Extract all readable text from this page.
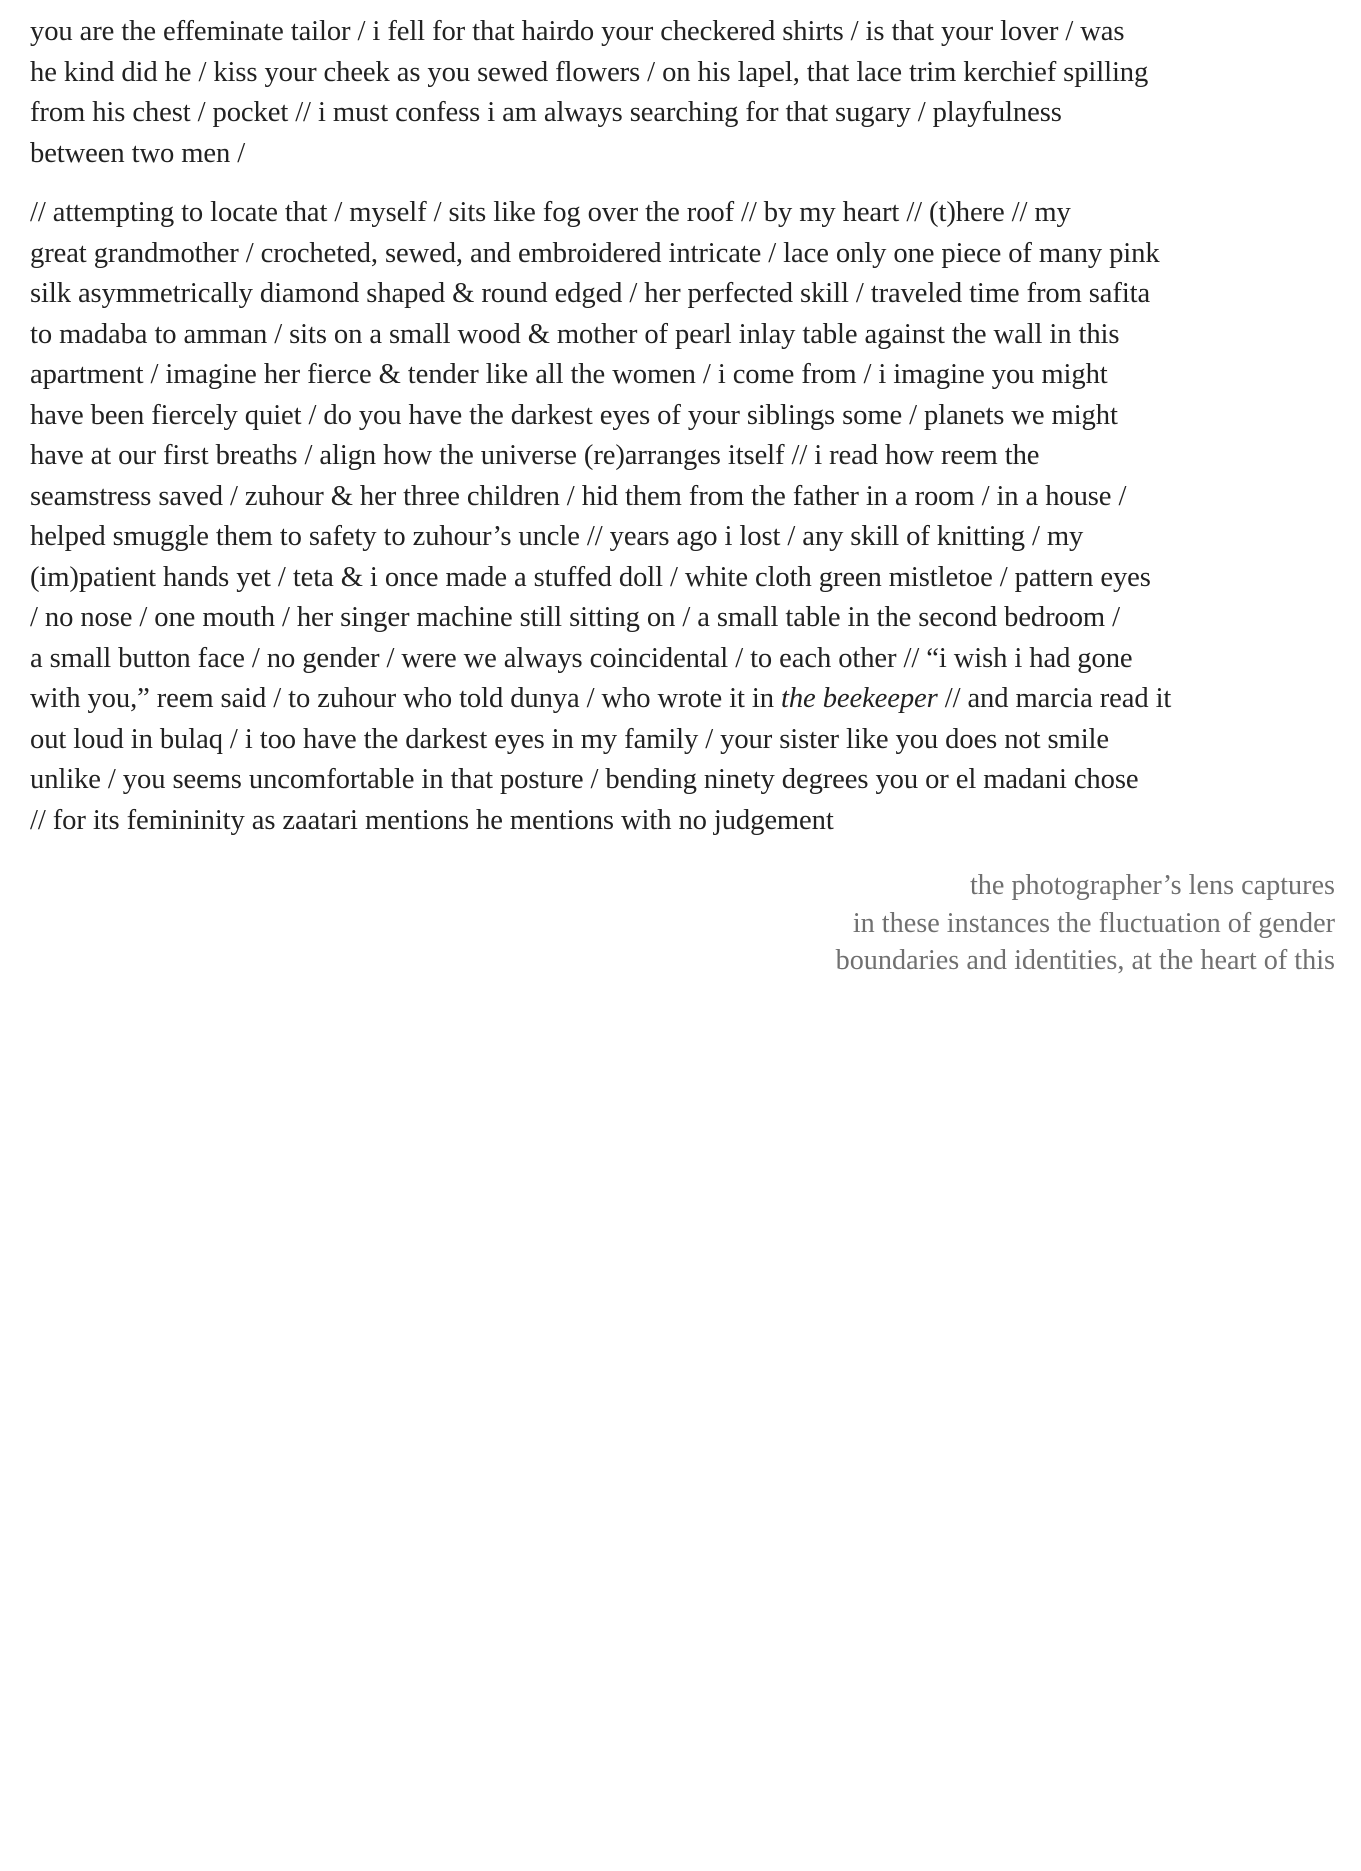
you are the effeminate tailor / i fell for that hairdo your checkered shirts / is that your lover / was
he kind did he / kiss your cheek as you sewed flowers / on his lapel, that lace trim kerchief spilling
from his chest / pocket // i must confess i am always searching for that sugary / playfulness
between two men /

// attempting to locate that / myself / sits like fog over the roof // by my heart // (t)here // my
great grandmother / crocheted, sewed, and embroidered intricate / lace only one piece of many pink
silk asymmetrically diamond shaped & round edged / her perfected skill / traveled time from safita
to madaba to amman / sits on a small wood & mother of pearl inlay table against the wall in this
apartment / imagine her fierce & tender like all the women / i come from / i imagine you might
have been fiercely quiet / do you have the darkest eyes of your siblings some / planets we might
have at our first breaths / align how the universe (re)arranges itself // i read how reem the
seamstress saved / zuhour & her three children / hid them from the father in a room / in a house /
helped smuggle them to safety to zuhour’s uncle // years ago i lost / any skill of knitting / my
(im)patient hands yet / teta & i once made a stuffed doll / white cloth green mistletoe / pattern eyes
/ no nose / one mouth / her singer machine still sitting on / a small table in the second bedroom /
a small button face / no gender / were we always coincidental / to each other // “i wish i had gone
with you,” reem said / to zuhour who told dunya / who wrote it in the beekeeper // and marcia read it
out loud in bulaq / i too have the darkest eyes in my family / your sister like you does not smile
unlike / you seems uncomfortable in that posture / bending ninety degrees you or el madani chose
// for its femininity as zaatari mentions he mentions with no judgement

the photographer’s lens captures
in these instances the fluctuation of gender
boundaries and identities, at the heart of this
